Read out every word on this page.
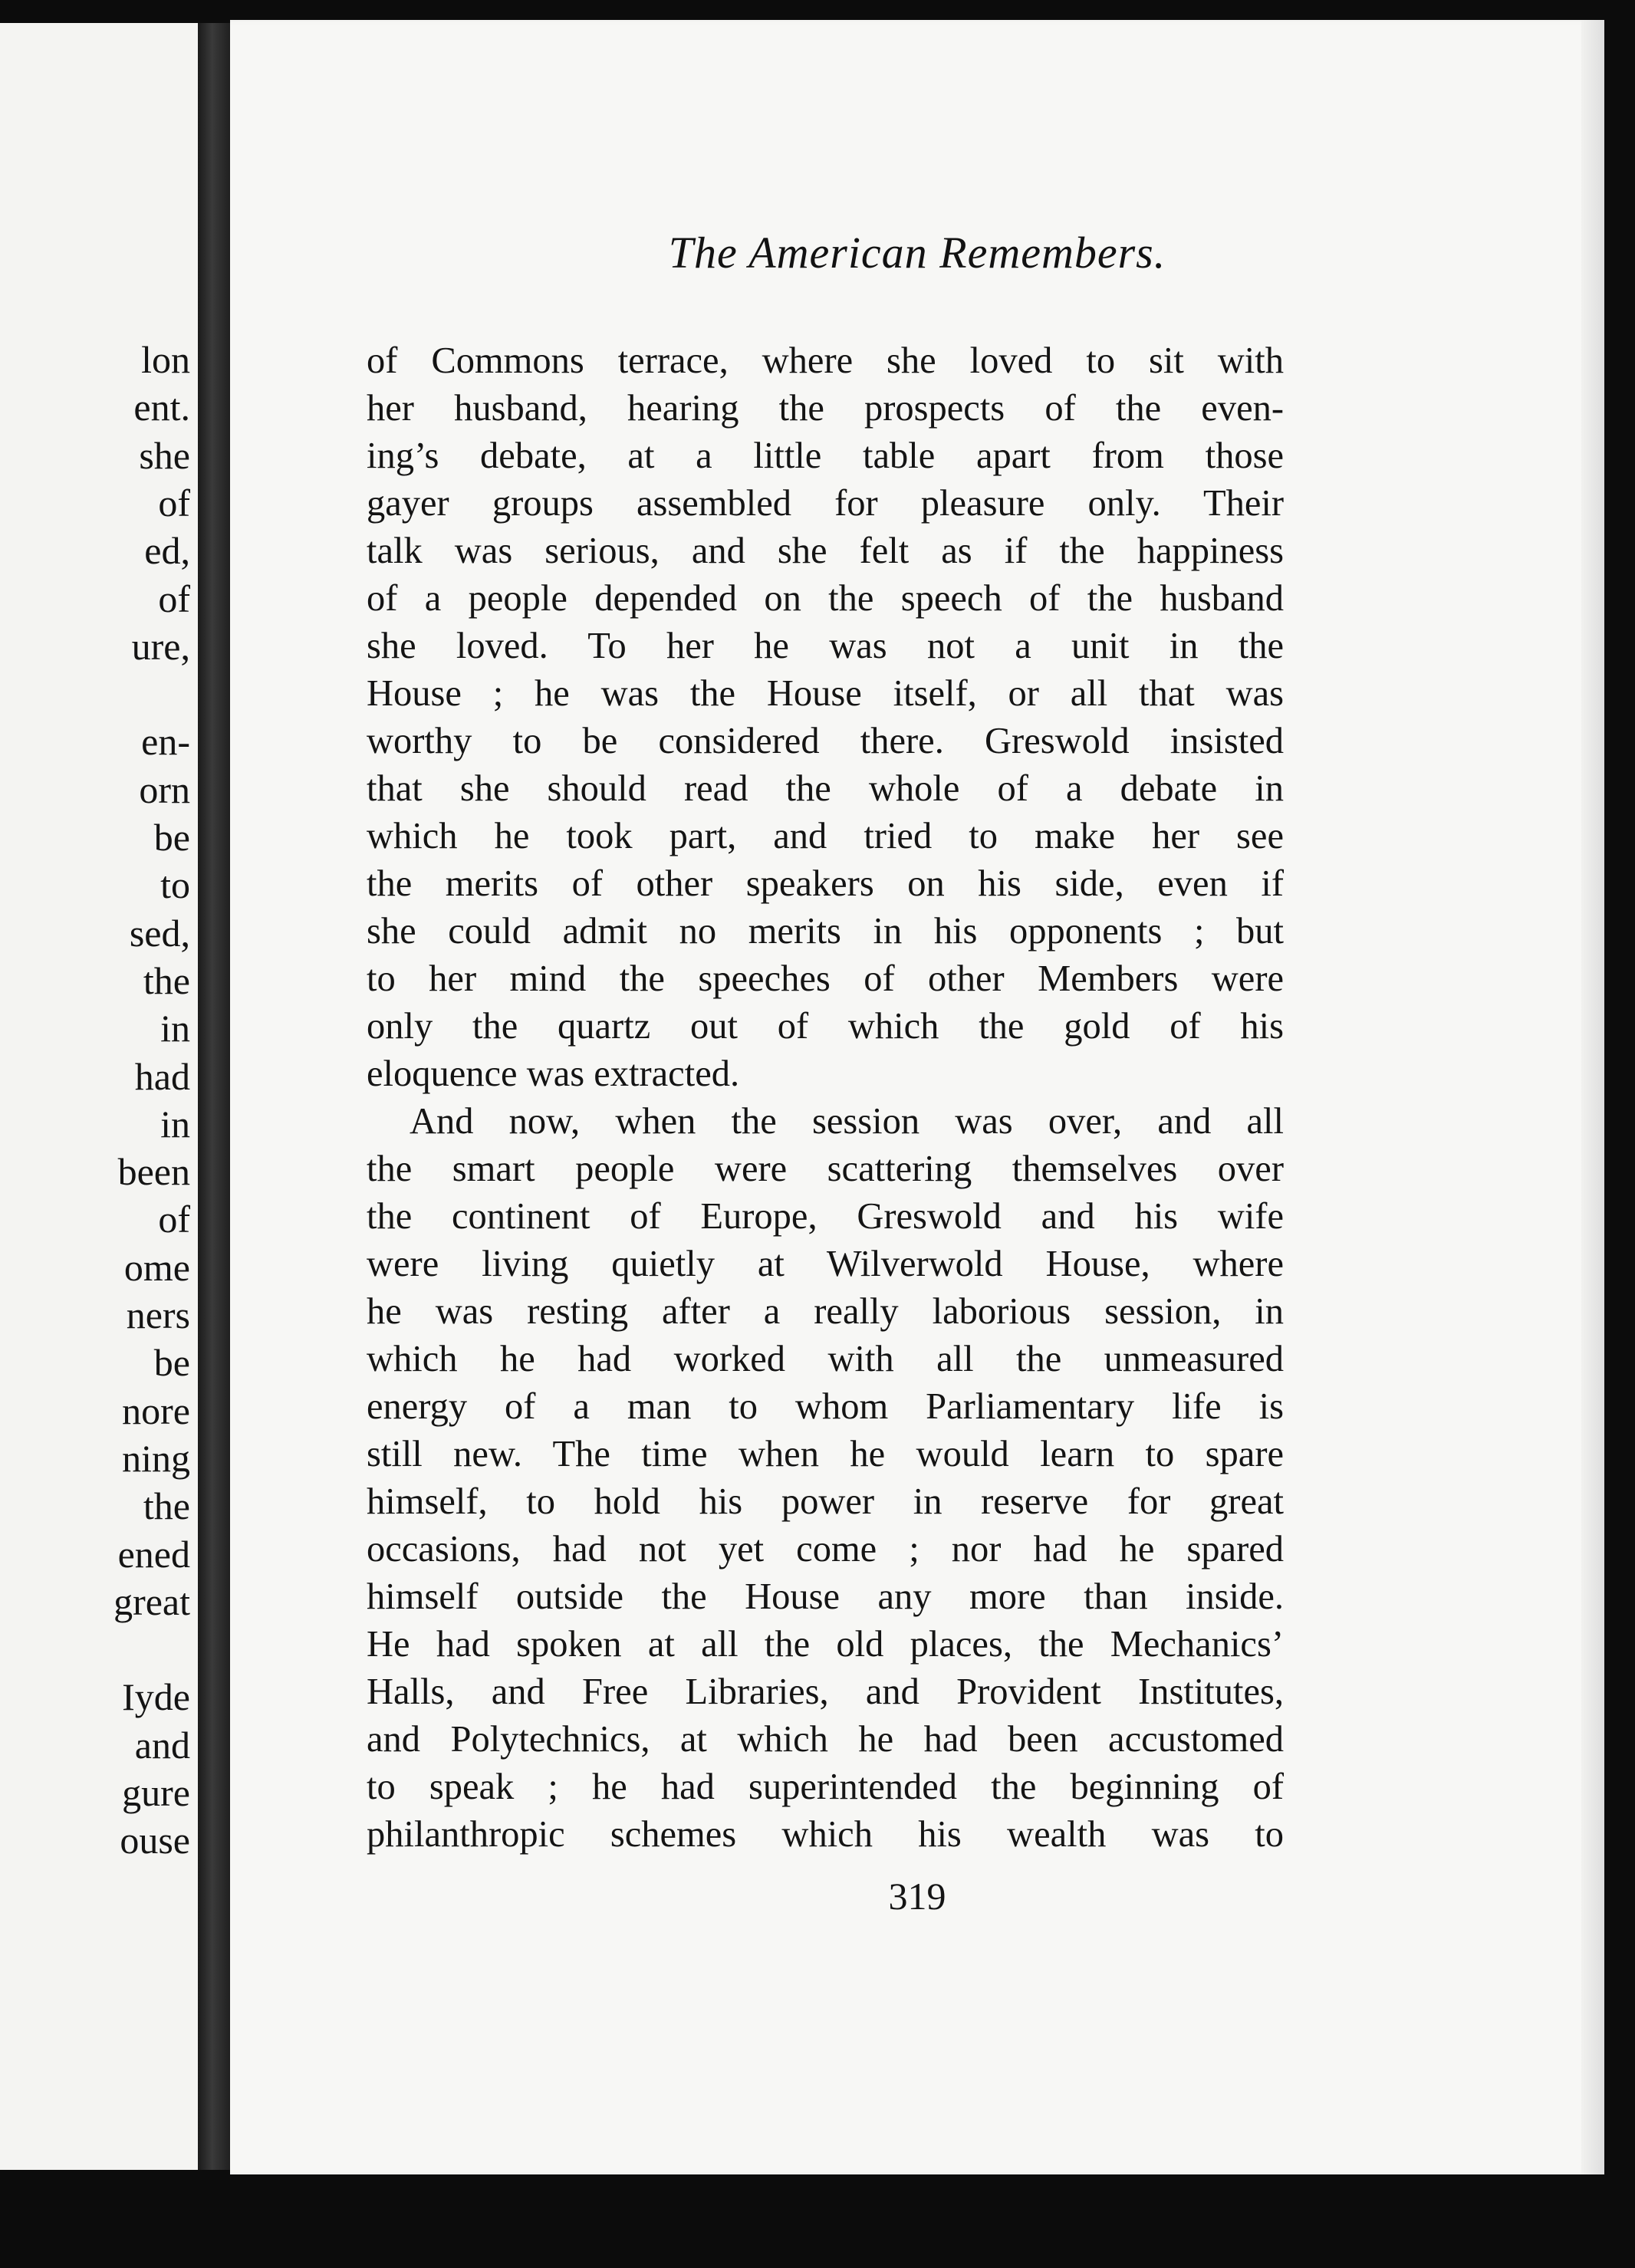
lon
ent.
she
of
ed,
of
ure,
en-
orn
be
to
sed,
the
in
had
in
been
of
ome
ners
be
nore
ning
the
ened
great
Iyde
and
gure
ouse
The American Remembers.
of Commons terrace, where she loved to sit with
her husband, hearing the prospects of the even-
ing’s debate, at a little table apart from those
gayer groups assembled for pleasure only. Their
talk was serious, and she felt as if the happiness
of a people depended on the speech of the husband
she loved. To her he was not a unit in the
House ; he was the House itself, or all that was
worthy to be considered there. Greswold insisted
that she should read the whole of a debate in
which he took part, and tried to make her see
the merits of other speakers on his side, even if
she could admit no merits in his opponents ; but
to her mind the speeches of other Members were
only the quartz out of which the gold of his
eloquence was extracted.
And now, when the session was over, and all
the smart people were scattering themselves over
the continent of Europe, Greswold and his wife
were living quietly at Wilverwold House, where
he was resting after a really laborious session, in
which he had worked with all the unmeasured
energy of a man to whom Parliamentary life is
still new. The time when he would learn to spare
himself, to hold his power in reserve for great
occasions, had not yet come ; nor had he spared
himself outside the House any more than inside.
He had spoken at all the old places, the Mechanics’
Halls, and Free Libraries, and Provident Institutes,
and Polytechnics, at which he had been accustomed
to speak ; he had superintended the beginning of
philanthropic schemes which his wealth was to
319
